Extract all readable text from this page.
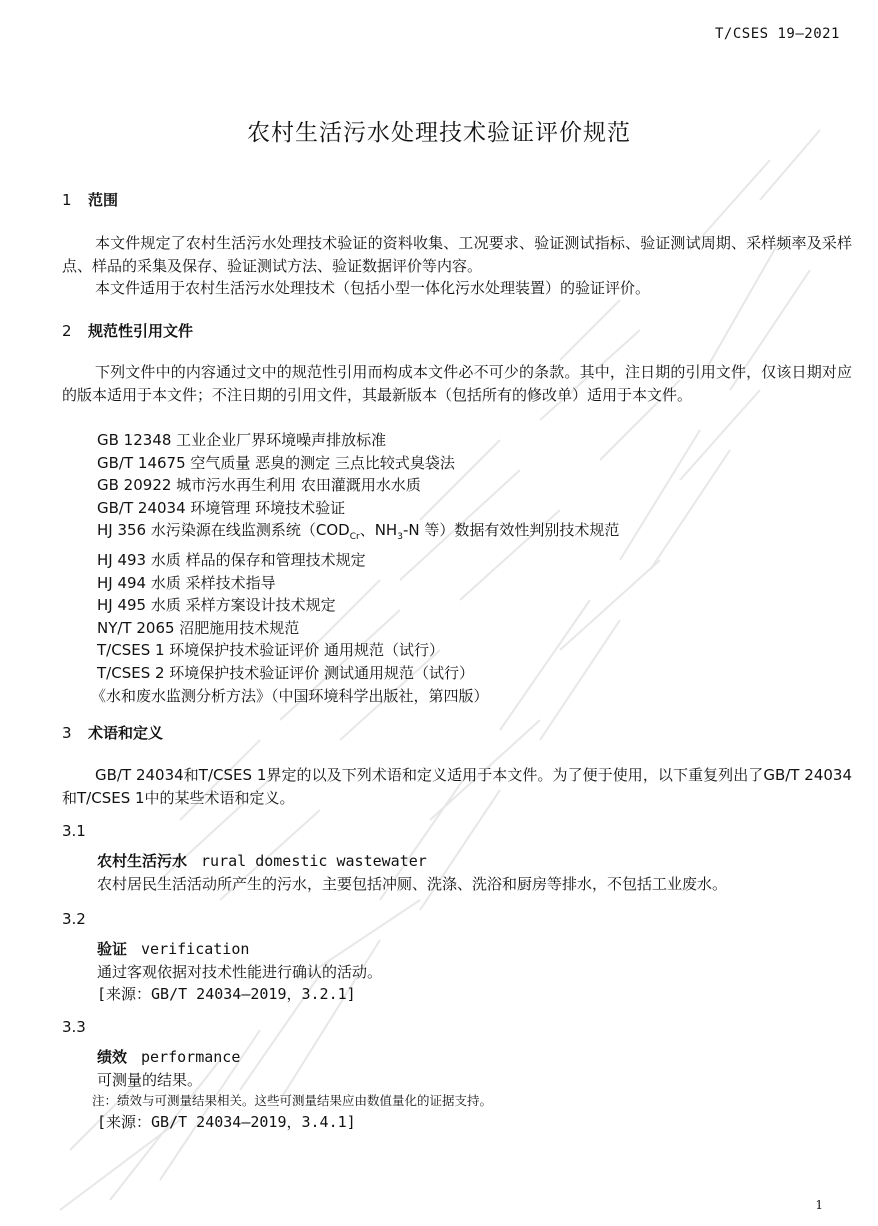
T/CSES 19—2021
农村生活污水处理技术验证评价规范
1 范围
本文件规定了农村生活污水处理技术验证的资料收集、工况要求、验证测试指标、验证测试周期、采样频率及采样点、样品的采集及保存、验证测试方法、验证数据评价等内容。
本文件适用于农村生活污水处理技术（包括小型一体化污水处理装置）的验证评价。
2 规范性引用文件
下列文件中的内容通过文中的规范性引用而构成本文件必不可少的条款。其中，注日期的引用文件，仅该日期对应的版本适用于本文件；不注日期的引用文件，其最新版本（包括所有的修改单）适用于本文件。
GB 12348 工业企业厂界环境噪声排放标准
GB/T 14675 空气质量 恶臭的测定 三点比较式臭袋法
GB 20922 城市污水再生利用 农田灌溉用水水质
GB/T 24034 环境管理 环境技术验证
HJ 356 水污染源在线监测系统（$COD_{Cr}$、$NH_3-N$ 等）数据有效性判别技术规范
HJ 493 水质 样品的保存和管理技术规定
HJ 494 水质 采样技术指导
HJ 495 水质 采样方案设计技术规定
NY/T 2065 沼肥施用技术规范
T/CSES 1 环境保护技术验证评价 通用规范（试行）
T/CSES 2 环境保护技术验证评价 测试通用规范（试行）
《水和废水监测分析方法》（中国环境科学出版社，第四版）
3 术语和定义
GB/T 24034和T/CSES 1界定的以及下列术语和定义适用于本文件。为了便于使用，以下重复列出了GB/T 24034和T/CSES 1中的某些术语和定义。
3.1
农村生活污水 rural domestic wastewater
农村居民生活活动所产生的污水，主要包括冲厕、洗涤、洗浴和厨房等排水，不包括工业废水。
3.2
验证 verification
通过客观依据对技术性能进行确认的活动。
[来源：GB/T 24034—2019，3.2.1]
3.3
绩效 performance
可测量的结果。
注：绩效与可测量结果相关。这些可测量结果应由数值量化的证据支持。
[来源：GB/T 24034—2019，3.4.1]
1
